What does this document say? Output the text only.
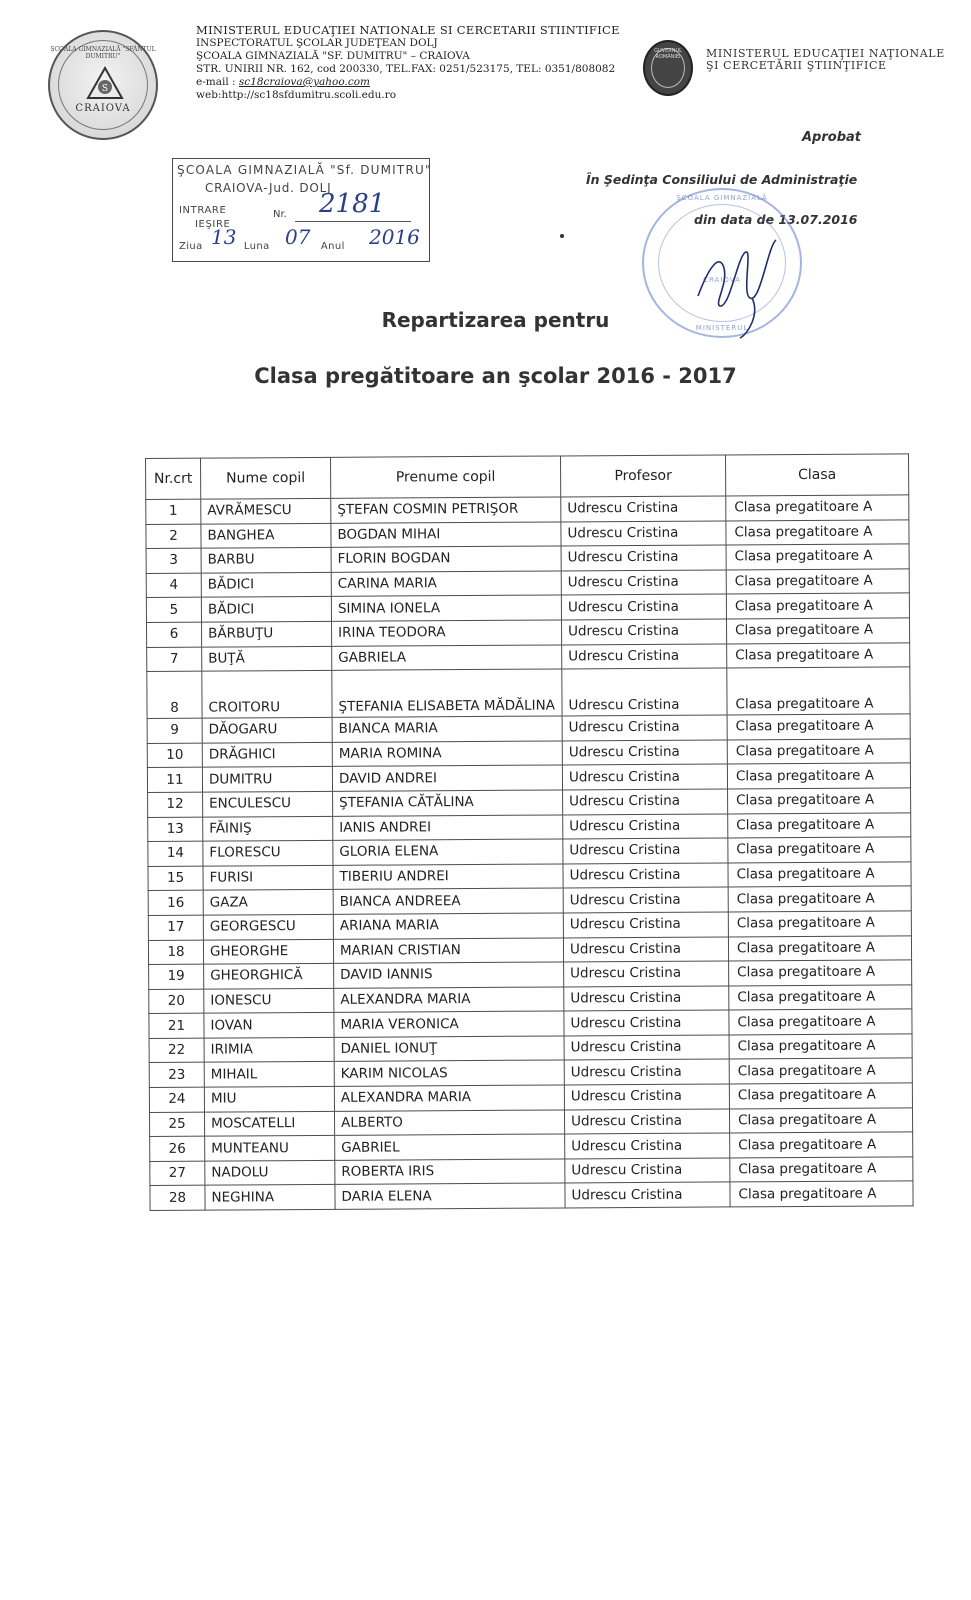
ȘCOALA GIMNAZIALĂ "SFÂNTUL DUMITRU"
S
CRAIOVA
MINISTERUL EDUCAŢIEI NATIONALE SI CERCETARII STIINTIFICE
INSPECTORATUL ŞCOLAR JUDEŢEAN DOLJ
ŞCOALA GIMNAZIALĂ "SF. DUMITRU" – CRAIOVA
STR. UNIRII NR. 162, cod 200330, TEL.FAX: 0251/523175, TEL: 0351/808082
e-mail : sc18craiova@yahoo.com
web:http://sc18sfdumitru.scoli.edu.ro
GUVERNUL ROMÂNIEI	MINISTERUL EDUCAŢIEI NAŢIONALE
ŞI CERCETĂRII ŞTIINŢIFICE
Aprobat
În Şedinţa Consiliului de Administraţie
din data de 13.07.2016
ŞCOALA GIMNAZIALĂ
CRAIOVA
MINISTERUL
ŞCOALA GIMNAZIALĂ "Sf. DUMITRU"
CRAIOVA-Jud. DOLJ
INTRARE
IEŞIRE
Nr. 2181
Ziua	Luna	Anul
13 07	2016
Repartizarea pentru
Clasa pregătitoare an şcolar 2016 - 2017
Nr.crt	Nume copil	Prenume copil	Profesor	Clasa
1	AVRĂMESCU	ŞTEFAN COSMIN PETRIŞOR	Udrescu Cristina	Clasa pregatitoare A
2	BANGHEA	BOGDAN MIHAI	Udrescu Cristina	Clasa pregatitoare A
3	BARBU	FLORIN BOGDAN	Udrescu Cristina	Clasa pregatitoare A
4	BĂDICI	CARINA MARIA	Udrescu Cristina	Clasa pregatitoare A
5	BĂDICI	SIMINA IONELA	Udrescu Cristina	Clasa pregatitoare A
6	BĂRBUŢU	IRINA TEODORA	Udrescu Cristina	Clasa pregatitoare A
7	BUŢĂ	GABRIELA	Udrescu Cristina	Clasa pregatitoare A
8	CROITORU	ŞTEFANIA ELISABETA MĂDĂLINA	Udrescu Cristina	Clasa pregatitoare A
9	DĂOGARU	BIANCA MARIA	Udrescu Cristina	Clasa pregatitoare A
10	DRĂGHICI	MARIA ROMINA	Udrescu Cristina	Clasa pregatitoare A
11	DUMITRU	DAVID ANDREI	Udrescu Cristina	Clasa pregatitoare A
12	ENCULESCU	ŞTEFANIA CĂTĂLINA	Udrescu Cristina	Clasa pregatitoare A
13	FĂINIŞ	IANIS ANDREI	Udrescu Cristina	Clasa pregatitoare A
14	FLORESCU	GLORIA ELENA	Udrescu Cristina	Clasa pregatitoare A
15	FURISI	TIBERIU ANDREI	Udrescu Cristina	Clasa pregatitoare A
16	GAZA	BIANCA ANDREEA	Udrescu Cristina	Clasa pregatitoare A
17	GEORGESCU	ARIANA MARIA	Udrescu Cristina	Clasa pregatitoare A
18	GHEORGHE	MARIAN CRISTIAN	Udrescu Cristina	Clasa pregatitoare A
19	GHEORGHICĂ	DAVID IANNIS	Udrescu Cristina	Clasa pregatitoare A
20	IONESCU	ALEXANDRA MARIA	Udrescu Cristina	Clasa pregatitoare A
21	IOVAN	MARIA VERONICA	Udrescu Cristina	Clasa pregatitoare A
22	IRIMIA	DANIEL IONUŢ	Udrescu Cristina	Clasa pregatitoare A
23	MIHAIL	KARIM NICOLAS	Udrescu Cristina	Clasa pregatitoare A
24	MIU	ALEXANDRA MARIA	Udrescu Cristina	Clasa pregatitoare A
25	MOSCATELLI	ALBERTO	Udrescu Cristina	Clasa pregatitoare A
26	MUNTEANU	GABRIEL	Udrescu Cristina	Clasa pregatitoare A
27	NADOLU	ROBERTA IRIS	Udrescu Cristina	Clasa pregatitoare A
28	NEGHINA	DARIA ELENA	Udrescu Cristina	Clasa pregatitoare A
